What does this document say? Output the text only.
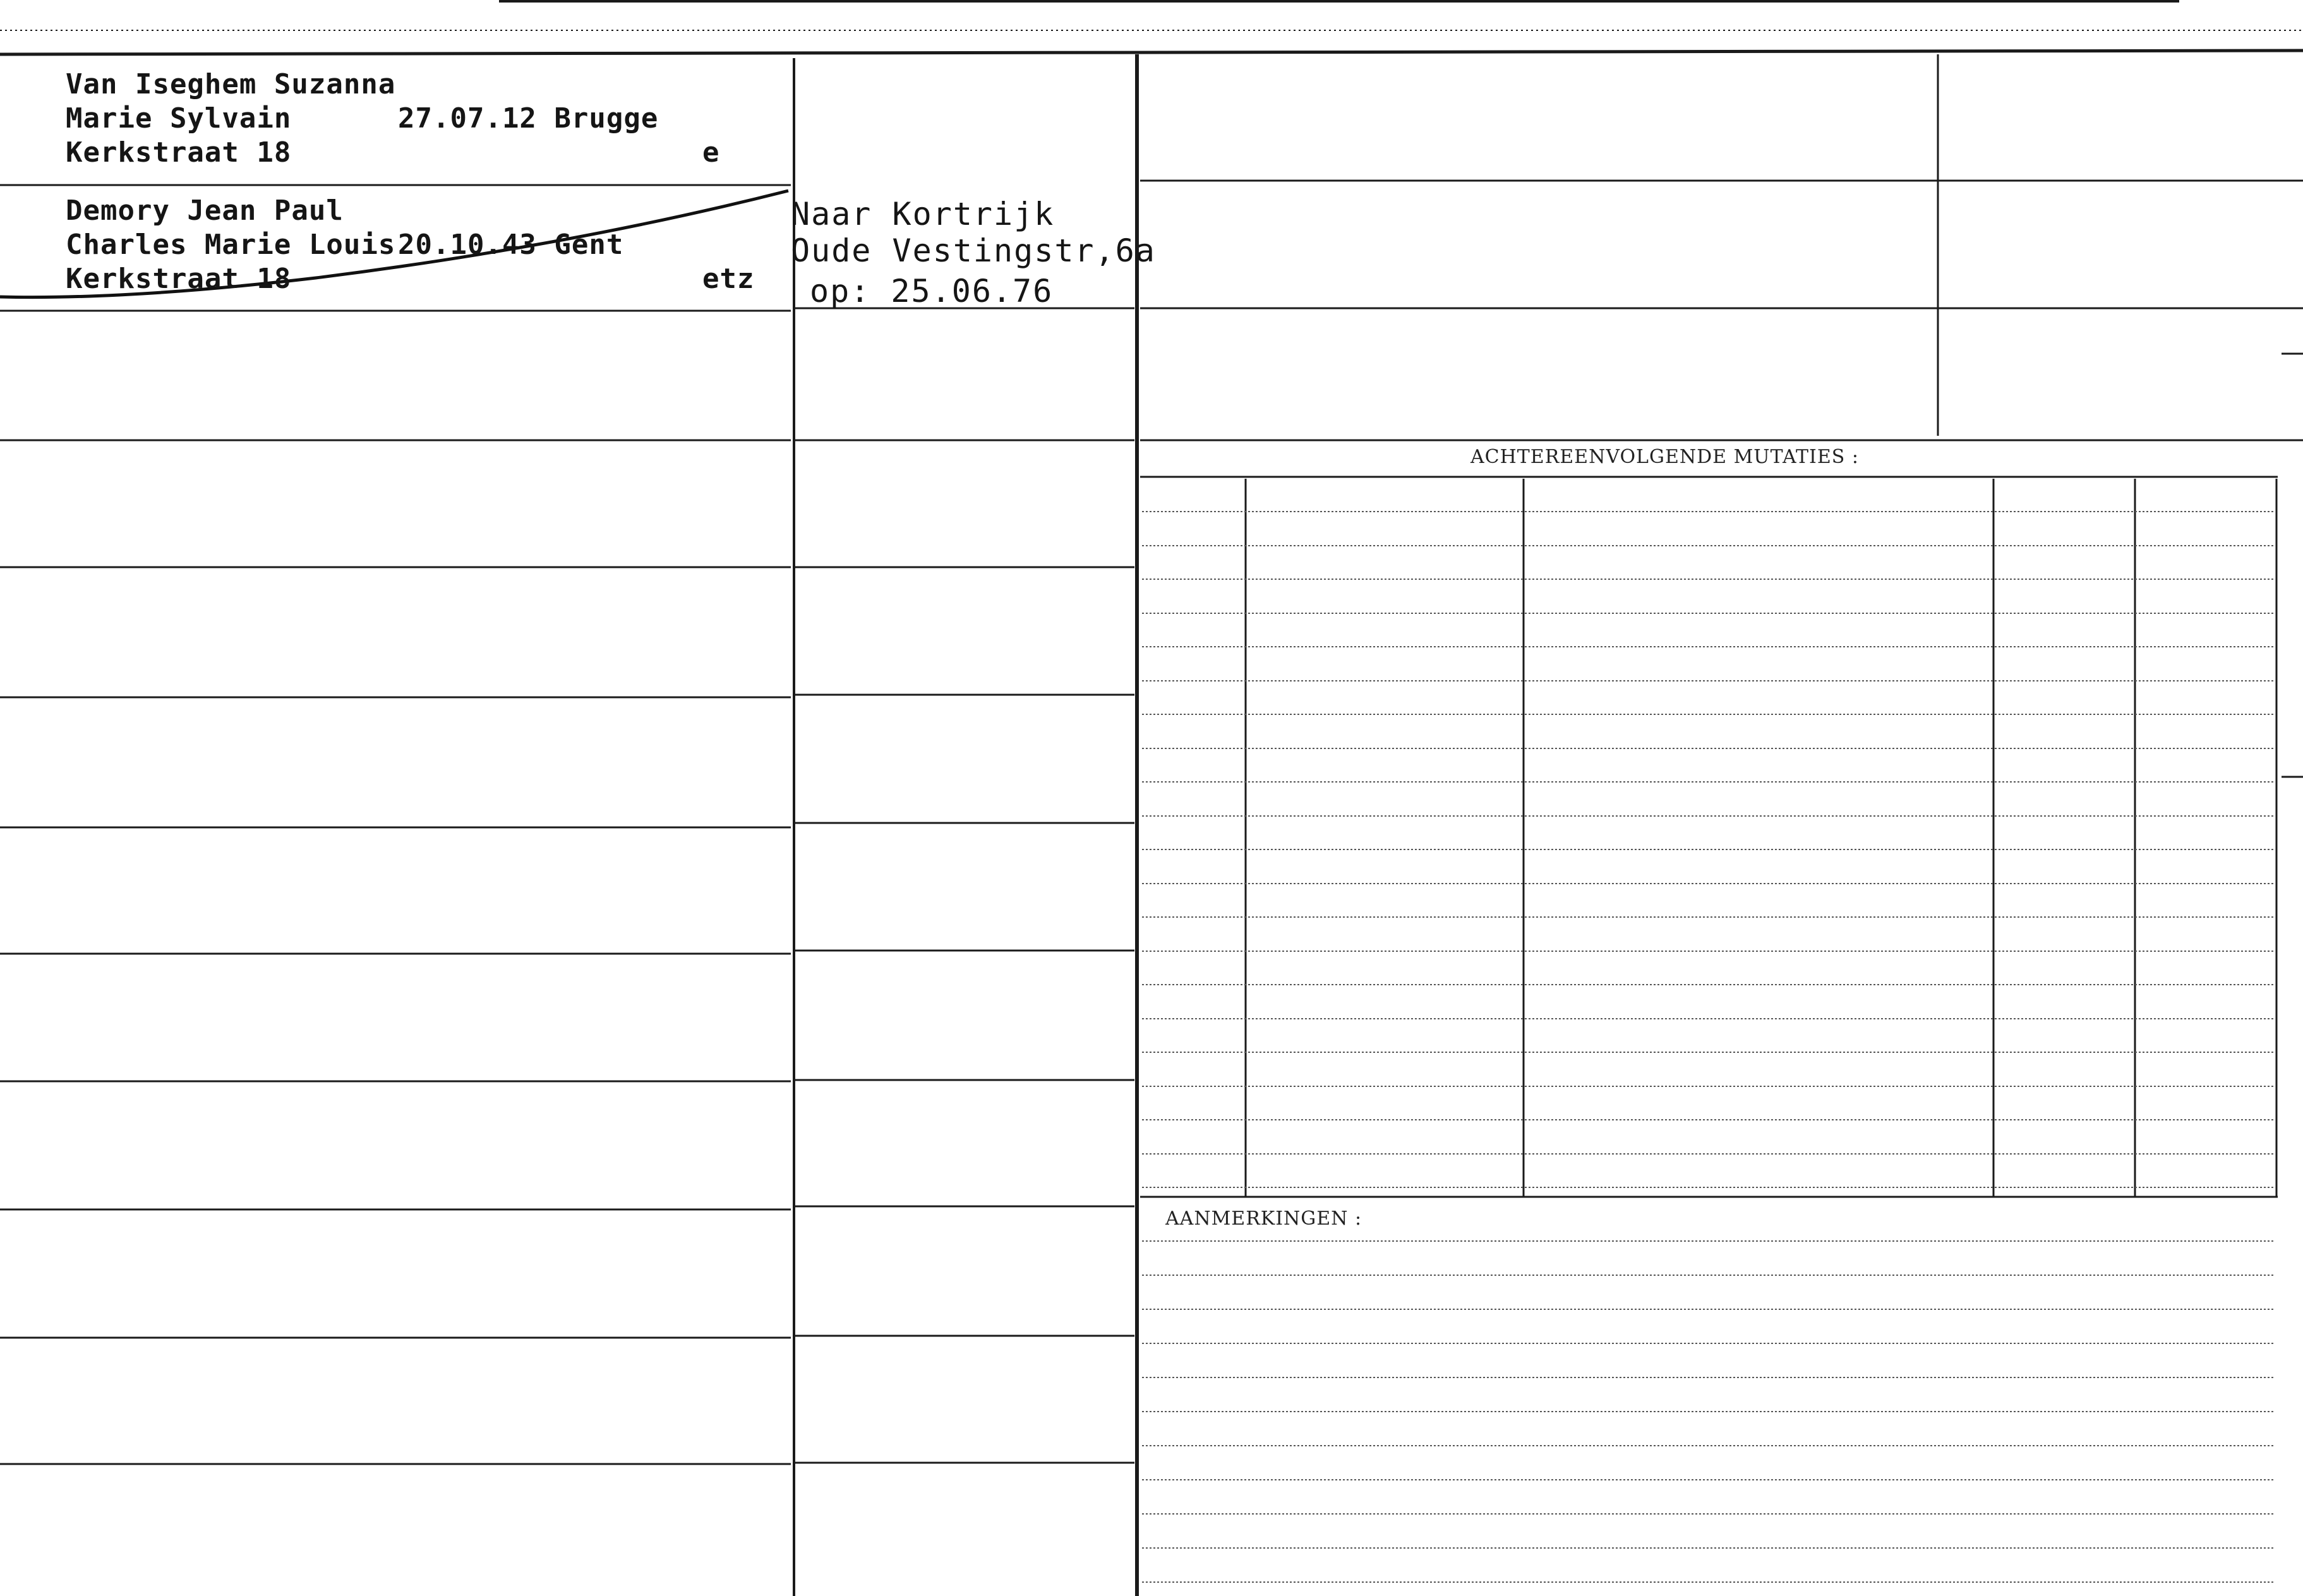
Van Iseghem Suzanna
Marie Sylvain	27.07.12 Brugge
Kerkstraat 18	e
Demory Jean Paul
Charles Marie Louis 20.10.43 Gent
Kerkstraat 18	etz
Naar Kortrijk
Oude Vestingstr,6a
op: 25.06.76
ACHTEREENVOLGENDE MUTATIES :
AANMERKINGEN :
